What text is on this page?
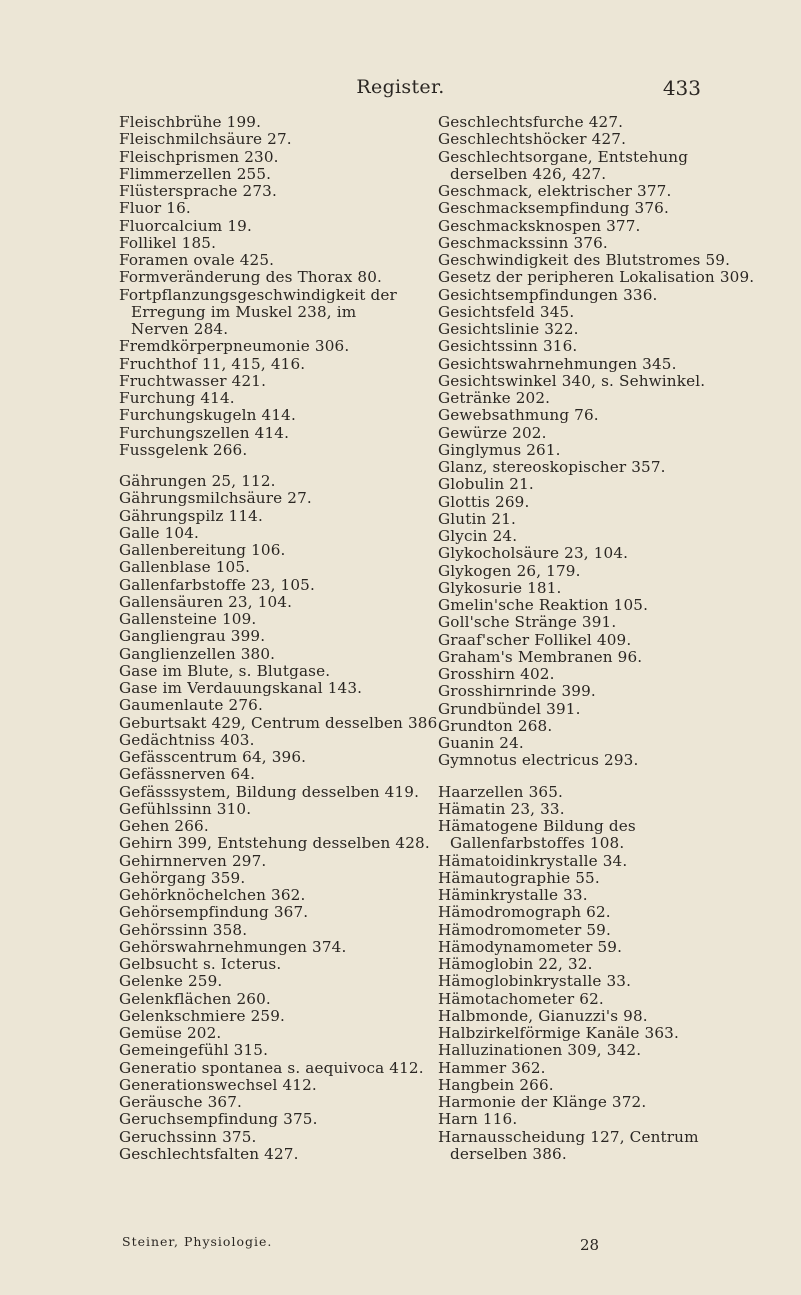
Register.	433
Fleischbrühe 199.
Fleischmilchsäure 27.
Fleischprismen 230.
Flimmerzellen 255.
Flüstersprache 273.
Fluor 16.
Fluorcalcium 19.
Follikel 185.
Foramen ovale 425.
Formveränderung des Thorax 80.
Fortpflanzungsgeschwindigkeit der Erregung im Muskel 238, im Nerven 284.
Fremdkörperpneumonie 306.
Fruchthof 11, 415, 416.
Fruchtwasser 421.
Furchung 414.
Furchungskugeln 414.
Furchungszellen 414.
Fussgelenk 266.
Gährungen 25, 112.
Gährungsmilchsäure 27.
Gährungspilz 114.
Galle 104.
Gallenbereitung 106.
Gallenblase 105.
Gallenfarbstoffe 23, 105.
Gallensäuren 23, 104.
Gallensteine 109.
Gangliengrau 399.
Ganglienzellen 380.
Gase im Blute, s. Blutgase.
Gase im Verdauungskanal 143.
Gaumenlaute 276.
Geburtsakt 429, Centrum desselben 386.
Gedächtniss 403.
Gefässcentrum 64, 396.
Gefässnerven 64.
Gefässsystem, Bildung desselben 419.
Gefühlssinn 310.
Gehen 266.
Gehirn 399, Entstehung desselben 428.
Gehirnnerven 297.
Gehörgang 359.
Gehörknöchelchen 362.
Gehörsempfindung 367.
Gehörssinn 358.
Gehörswahrnehmungen 374.
Gelbsucht s. Icterus.
Gelenke 259.
Gelenkflächen 260.
Gelenkschmiere 259.
Gemüse 202.
Gemeingefühl 315.
Generatio spontanea s. aequivoca 412.
Generationswechsel 412.
Geräusche 367.
Geruchsempfindung 375.
Geruchssinn 375.
Geschlechtsfalten 427.
Geschlechtsfurche 427.
Geschlechtshöcker 427.
Geschlechtsorgane, Entstehung derselben 426, 427.
Geschmack, elektrischer 377.
Geschmacksempfindung 376.
Geschmacksknospen 377.
Geschmackssinn 376.
Geschwindigkeit des Blutstromes 59.
Gesetz der peripheren Lokalisation 309.
Gesichtsempfindungen 336.
Gesichtsfeld 345.
Gesichtslinie 322.
Gesichtssinn 316.
Gesichtswahrnehmungen 345.
Gesichtswinkel 340, s. Sehwinkel.
Getränke 202.
Gewebsathmung 76.
Gewürze 202.
Ginglymus 261.
Glanz, stereoskopischer 357.
Globulin 21.
Glottis 269.
Glutin 21.
Glycin 24.
Glykocholsäure 23, 104.
Glykogen 26, 179.
Glykosurie 181.
Gmelin'sche Reaktion 105.
Goll'sche Stränge 391.
Graaf'scher Follikel 409.
Graham's Membranen 96.
Grosshirn 402.
Grosshirnrinde 399.
Grundbündel 391.
Grundton 268.
Guanin 24.
Gymnotus electricus 293.
Haarzellen 365.
Hämatin 23, 33.
Hämatogene Bildung des Gallenfarbstoffes 108.
Hämatoidinkrystalle 34.
Hämautographie 55.
Häminkrystalle 33.
Hämodromograph 62.
Hämodromometer 59.
Hämodynamometer 59.
Hämoglobin 22, 32.
Hämoglobinkrystalle 33.
Hämotachometer 62.
Halbmonde, Gianuzzi's 98.
Halbzirkelförmige Kanäle 363.
Halluzinationen 309, 342.
Hammer 362.
Hangbein 266.
Harmonie der Klänge 372.
Harn 116.
Harnausscheidung 127, Centrum derselben 386.
Steiner, Physiologie.	28
